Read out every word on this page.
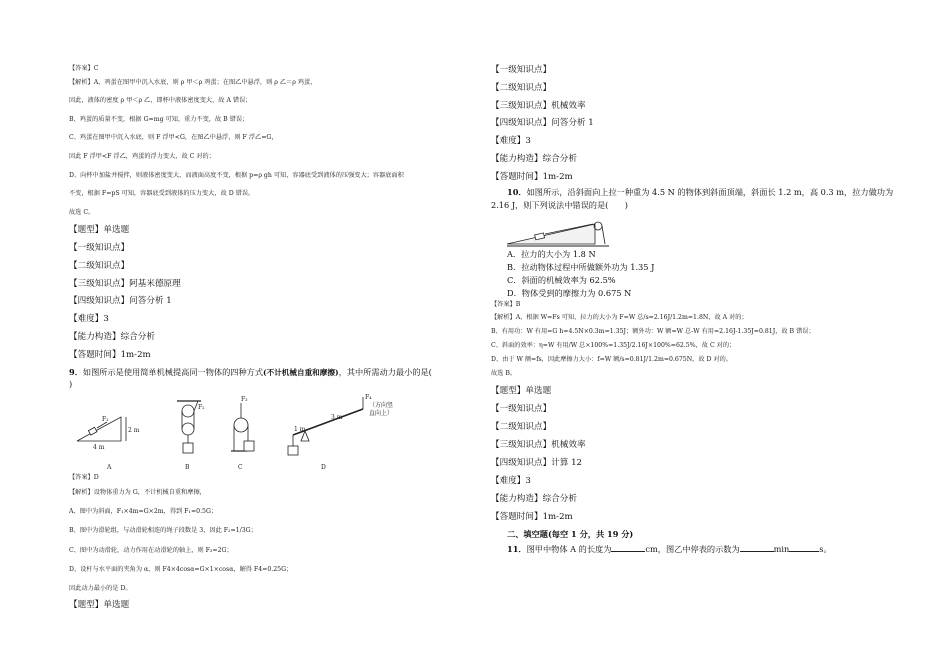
【答案】C
【解析】A、鸡蛋在图甲中沉入水底，则 ρ 甲＜ρ 鸡蛋；在图乙中悬浮，则 ρ 乙＝ρ 鸡蛋，
因此，液体的密度 ρ 甲＜ρ 乙，即杯中液体密度变大，故 A 错误；
B、鸡蛋的质量不变，根据 G=mg 可知，重力不变，故 B 错误；
C、鸡蛋在图甲中沉入水底，则 F 浮甲<G，在图乙中悬浮，则 F 浮乙=G，
因此 F 浮甲<F 浮乙，鸡蛋的浮力变大，故 C 对的；
D、向杯中加盐并搅拌，则液体密度变大，而液面高度不变，根据 p=ρ gh 可知，容器底受到液体的压强变大；容器底面积
不变，根据 F=pS 可知，容器底受到液体的压力变大，故 D 错误。
故选 C。
【题型】单选题
【一级知识点】
【二级知识点】
【三级知识点】阿基米德原理
【四级知识点】问答分析 1
【难度】3
【能力构造】综合分析
【答题时间】1m-2m
9．如图所示是使用简单机械提高同一物体的四种方式(不计机械自重和摩擦)，其中所需动力最小的是(
)
F₁
4 m
2 m
F₂
F₃	F₄
3 m
1 m
（方向竖
直向上）
A	B	C	D
【答案】D
【解析】设物体重力为 G，不计机械自重和摩擦，
A、图中为斜面，F₁×4m=G×2m，得到 F₁=0.5G；
B、图中为滑轮组，与动滑轮相连的绳子段数是 3，因此 F₂=1/3G；
C、图中为动滑轮，动力作用在动滑轮的轴上，则 F₃=2G；
D、设杆与水平面的夹角为 α，则 F4×4cosα=G×1×cosα，解得 F4=0.25G；
因此动力最小的是 D。
【题型】单选题
【一级知识点】
【二级知识点】
【三级知识点】机械效率
【四级知识点】问答分析 1
【难度】3
【能力构造】综合分析
【答题时间】1m-2m
10．如图所示，沿斜面向上拉一种重为 4.5 N 的物体到斜面顶端，斜面长 1.2 m，高 0.3 m，拉力做功为
2.16 J，则下列说法中错误的是(　　)
A．拉力的大小为 1.8 N
B．拉动物体过程中所做额外功为 1.35 J
C．斜面的机械效率为 62.5%
D．物体受到的摩擦力为 0.675 N
【答案】B
【解析】A、根据 W=Fs 可知，拉力的大小为 F=W 总/s=2.16J/1.2m=1.8N，故 A 对的；
B、有用功：W 有用=G h=4.5N×0.3m=1.35J；额外功：W 额=W 总-W 有用=2.16J-1.35J=0.81J，故 B 错误；
C、斜面的效率：η=W 有用/W 总×100%=1.35J/2.16J×100%=62.5%，故 C 对的；
D、由于 W 额=fs，因此摩擦力大小：f=W 额/s=0.81J/1.2m=0.675N，故 D 对的。
故选 B。
【题型】单选题
【一级知识点】
【二级知识点】
【三级知识点】机械效率
【四级知识点】计算 12
【难度】3
【能力构造】综合分析
【答题时间】1m-2m
二、填空题(每空 1 分，共 19 分)
11．图甲中物体 A 的长度为	cm，图乙中停表的示数为	min	s。
